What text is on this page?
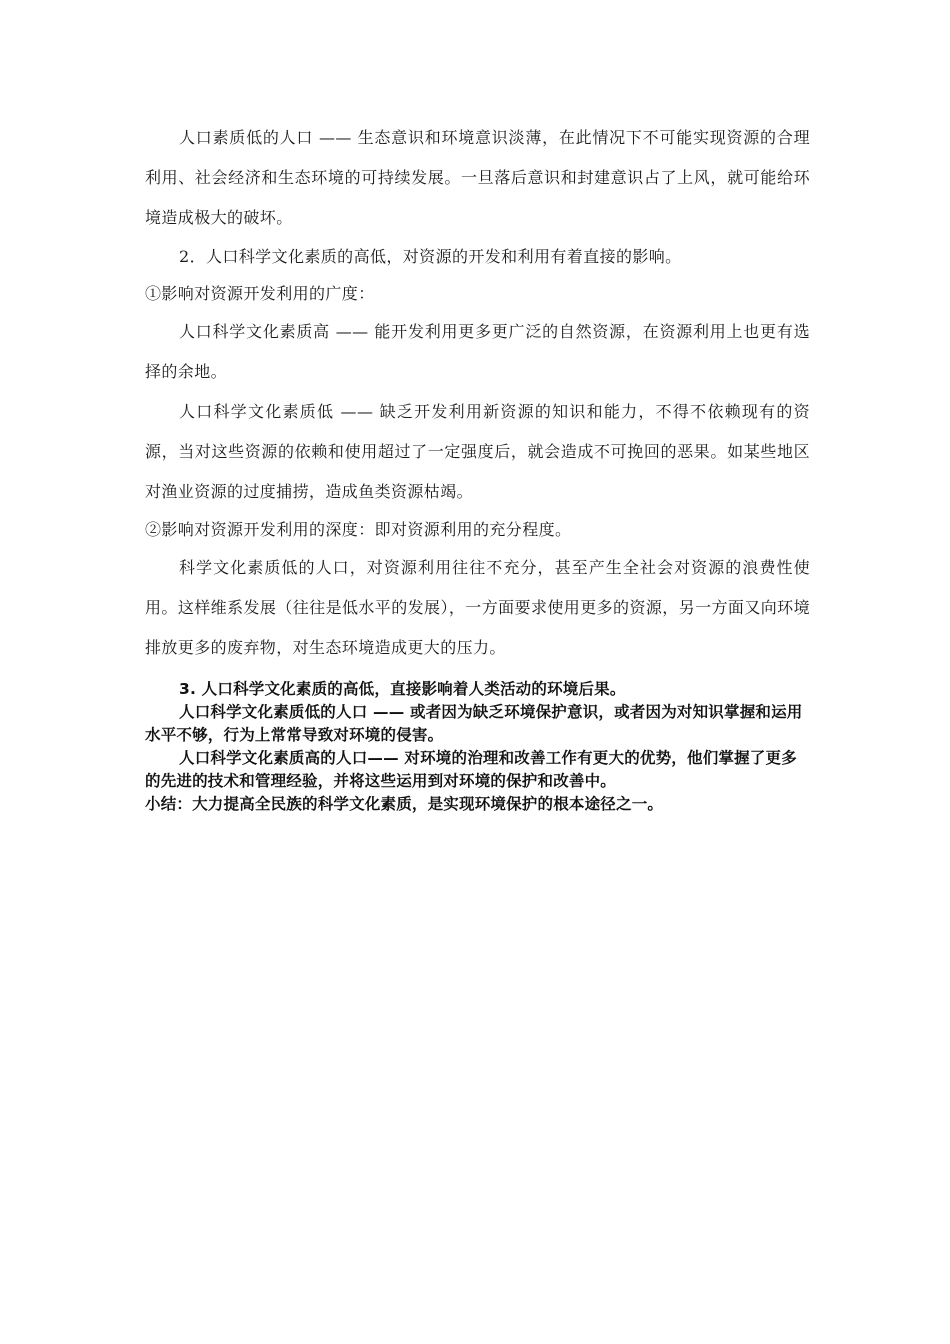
人口素质低的人口 —— 生态意识和环境意识淡薄，在此情况下不可能实现资源的合理利用、社会经济和生态环境的可持续发展。一旦落后意识和封建意识占了上风，就可能给环境造成极大的破坏。

2．人口科学文化素质的高低，对资源的开发和利用有着直接的影响。

①影响对资源开发利用的广度：

人口科学文化素质高 —— 能开发利用更多更广泛的自然资源，在资源利用上也更有选择的余地。

人口科学文化素质低 —— 缺乏开发利用新资源的知识和能力，不得不依赖现有的资源，当对这些资源的依赖和使用超过了一定强度后，就会造成不可挽回的恶果。如某些地区对渔业资源的过度捕捞，造成鱼类资源枯竭。

②影响对资源开发利用的深度：即对资源利用的充分程度。

科学文化素质低的人口，对资源利用往往不充分，甚至产生全社会对资源的浪费性使用。这样维系发展（往往是低水平的发展），一方面要求使用更多的资源，另一方面又向环境排放更多的废弃物，对生态环境造成更大的压力。

3. 人口科学文化素质的高低，直接影响着人类活动的环境后果。

人口科学文化素质低的人口 —— 或者因为缺乏环境保护意识，或者因为对知识掌握和运用水平不够，行为上常常导致对环境的侵害。

人口科学文化素质高的人口—— 对环境的治理和改善工作有更大的优势，他们掌握了更多的先进的技术和管理经验，并将这些运用到对环境的保护和改善中。

小结：大力提高全民族的科学文化素质，是实现环境保护的根本途径之一。
